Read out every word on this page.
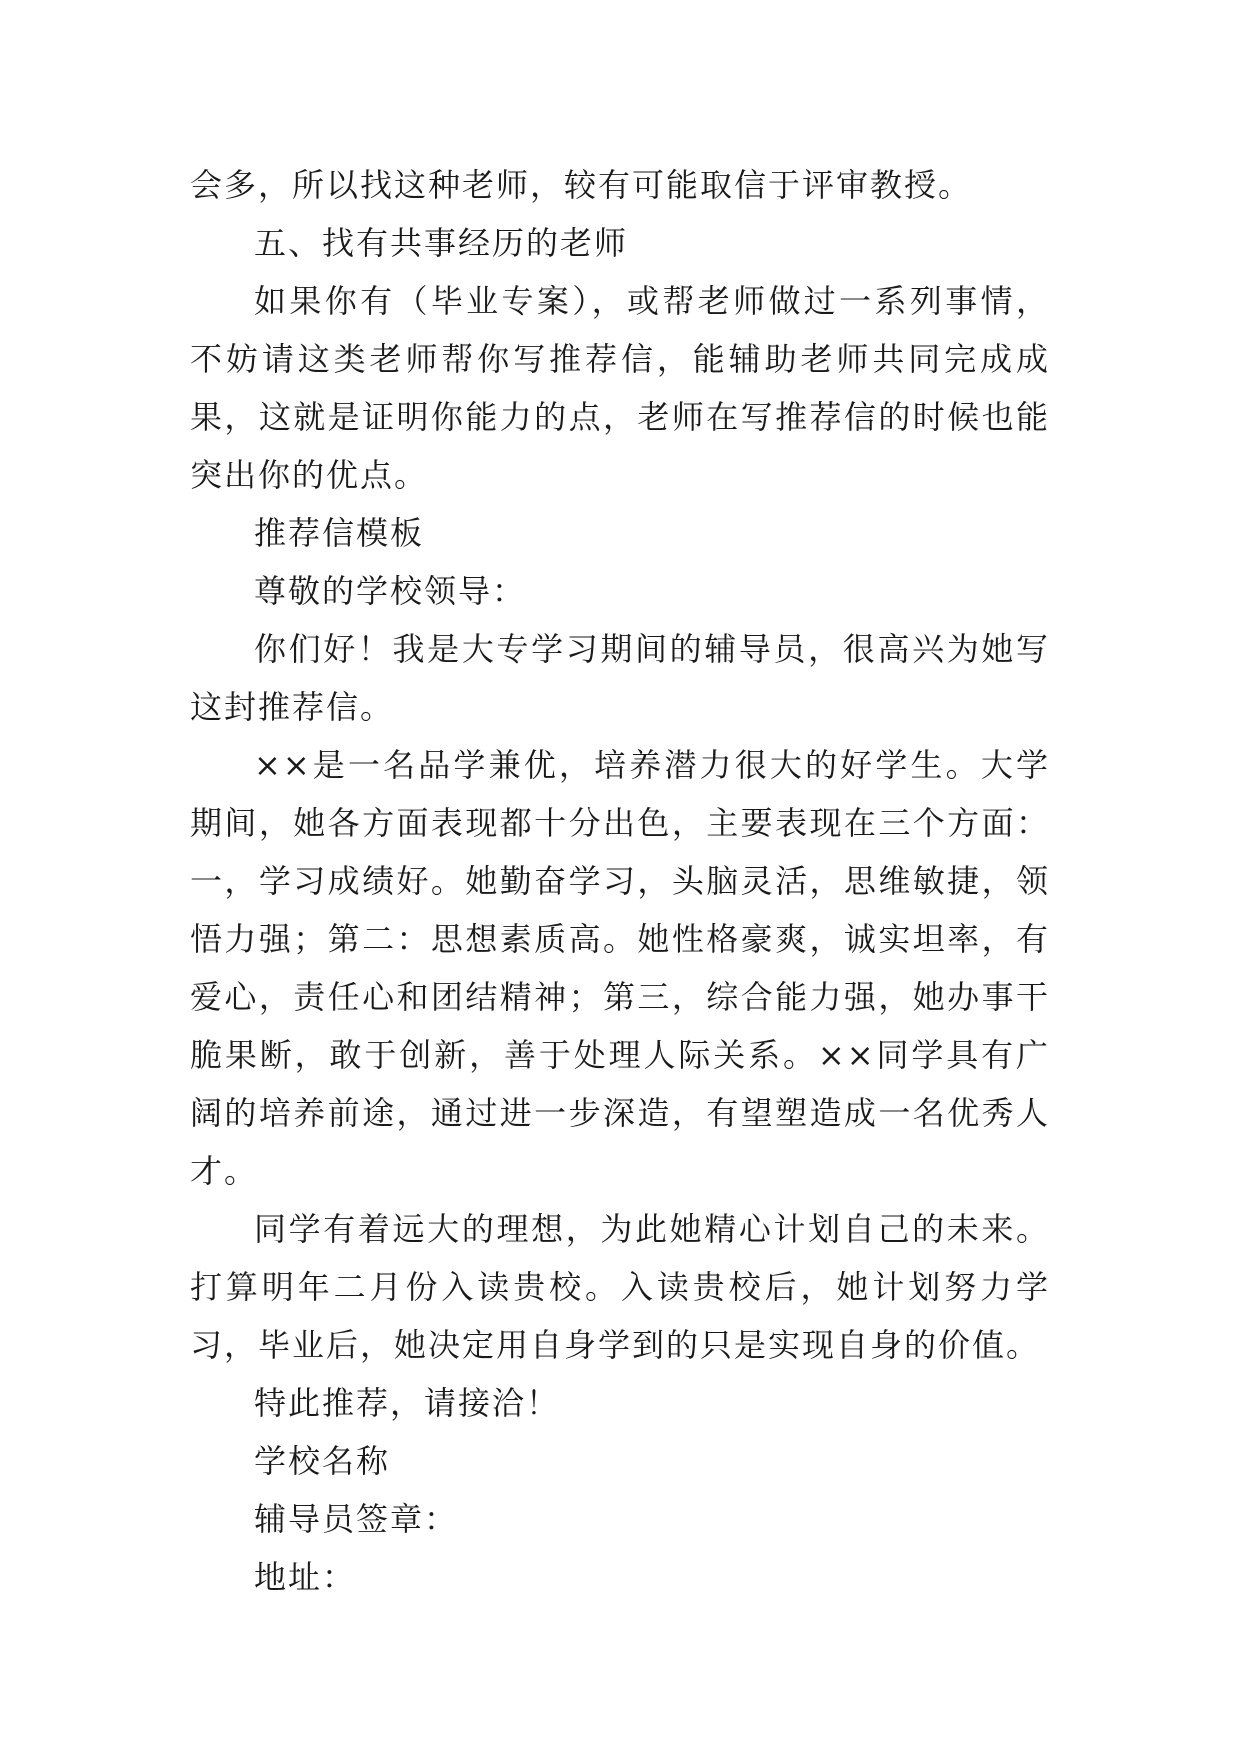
会多，所以找这种老师，较有可能取信于评审教授。

五、找有共事经历的老师

如果你有（毕业专案），或帮老师做过一系列事情，不妨请这类老师帮你写推荐信，能辅助老师共同完成成果，这就是证明你能力的点，老师在写推荐信的时候也能突出你的优点。

推荐信模板

尊敬的学校领导：

你们好！我是大专学习期间的辅导员，很高兴为她写这封推荐信。

××是一名品学兼优，培养潜力很大的好学生。大学期间，她各方面表现都十分出色，主要表现在三个方面：一，学习成绩好。她勤奋学习，头脑灵活，思维敏捷，领悟力强；第二：思想素质高。她性格豪爽，诚实坦率，有爱心，责任心和团结精神；第三，综合能力强，她办事干脆果断，敢于创新，善于处理人际关系。××同学具有广阔的培养前途，通过进一步深造，有望塑造成一名优秀人才。

同学有着远大的理想，为此她精心计划自己的未来。打算明年二月份入读贵校。入读贵校后，她计划努力学习，毕业后，她决定用自身学到的只是实现自身的价值。

特此推荐，请接洽！

学校名称

辅导员签章：

地址：
